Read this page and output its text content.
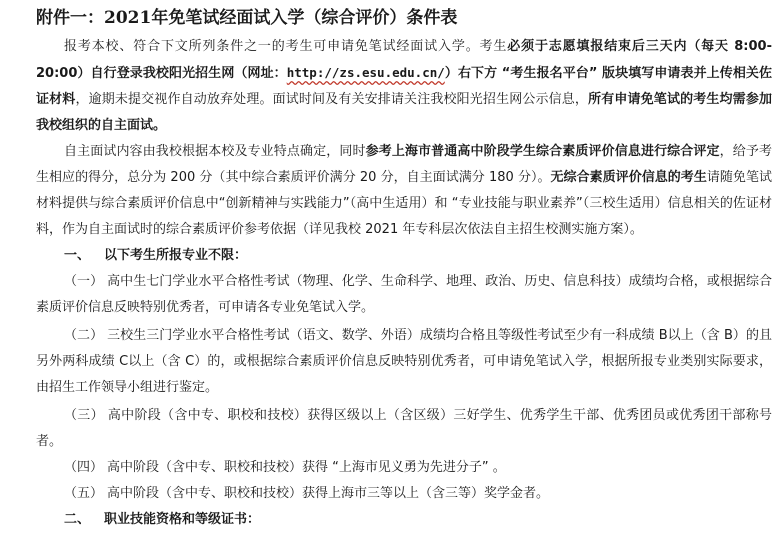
附件一：2021年免笔试经面试入学（综合评价）条件表

报考本校、符合下文所列条件之一的考生可申请免笔试经面试入学。考生必须于志愿填报结束后三天内（每天 8:00-20:00）自行登录我校阳光招生网（网址：http://zs.esu.edu.cn/）右下方 “考生报名平台” 版块填写申请表并上传相关佐证材料，逾期未提交视作自动放弃处理。面试时间及有关安排请关注我校阳光招生网公示信息，所有申请免笔试的考生均需参加我校组织的自主面试。

自主面试内容由我校根据本校及专业特点确定，同时参考上海市普通高中阶段学生综合素质评价信息进行综合评定，给予考生相应的得分，总分为 200 分（其中综合素质评价满分 20 分，自主面试满分 180 分）。无综合素质评价信息的考生请随免笔试材料提供与综合素质评价信息中“创新精神与实践能力”（高中生适用）和 “专业技能与职业素养”（三校生适用）信息相关的佐证材料，作为自主面试时的综合素质评价参考依据（详见我校 2021 年专科层次依法自主招生校测实施方案）。

一、 以下考生所报专业不限：

（一） 高中生七门学业水平合格性考试（物理、化学、生命科学、地理、政治、历史、信息科技）成绩均合格，或根据综合素质评价信息反映特别优秀者，可申请各专业免笔试入学。

（二） 三校生三门学业水平合格性考试（语文、数学、外语）成绩均合格且等级性考试至少有一科成绩 B以上（含 B）的且另外两科成绩 C以上（含 C）的，或根据综合素质评价信息反映特别优秀者，可申请免笔试入学，根据所报专业类别实际要求，由招生工作领导小组进行鉴定。

（三） 高中阶段（含中专、职校和技校）获得区级以上（含区级）三好学生、优秀学生干部、优秀团员或优秀团干部称号者。

（四） 高中阶段（含中专、职校和技校）获得 “上海市见义勇为先进分子” 。

（五） 高中阶段（含中专、职校和技校）获得上海市三等以上（含三等）奖学金者。

二、 职业技能资格和等级证书：
